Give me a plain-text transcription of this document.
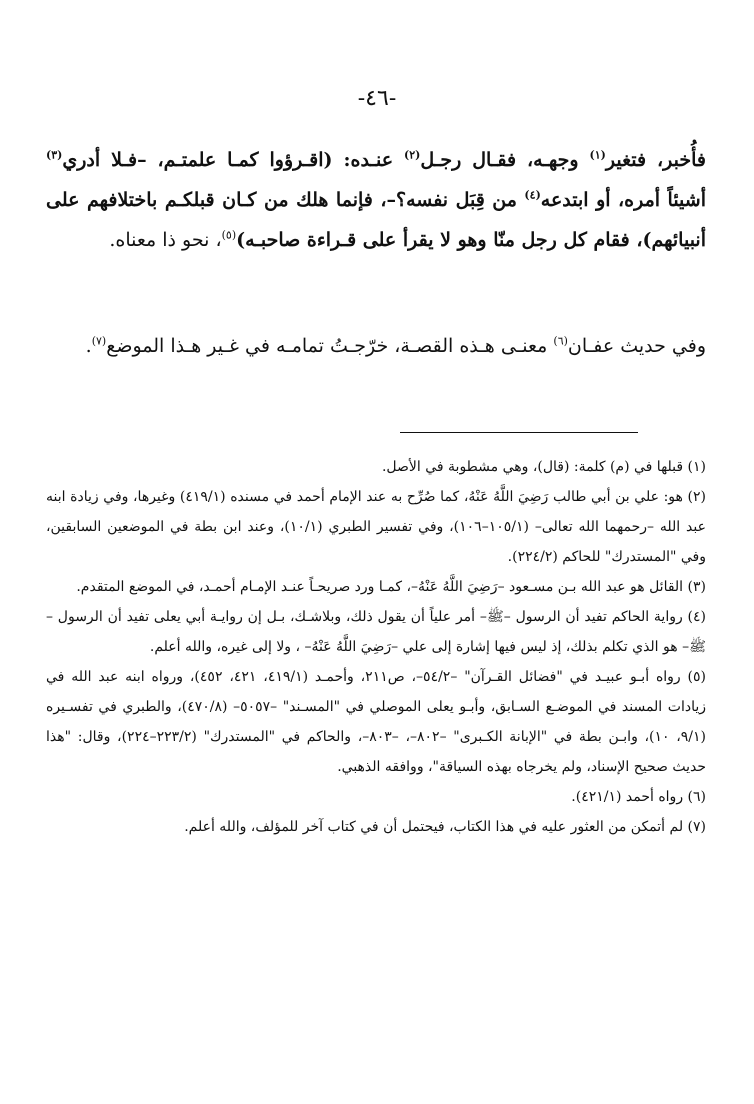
-٤٦-
فأُخبر، فتغير$^{(١)}$ وجهـه، فقـال رجـل$^{(٢)}$ عنـده: (اقـرؤوا كمـا علمتـم، –فـلا أدري$^{(٣)}$ أشيئاً أمره، أو ابتدعه$^{(٤)}$ من قِبَل نفسه؟–، فإنما هلك من كـان قبلكـم باختلافهم على أنبيائهم)، فقام كل رجل منّا وهو لا يقرأ على قـراءة صاحبـه)$^{(٥)}$، نحو ذا معناه.
وفي حديث عفـان$^{(٦)}$ معنـى هـذه القصـة، خرّجـتُ تمامـه في غـير هـذا الموضع$^{(٧)}$.

(١) قبلها في (م) كلمة: (قال)، وهي مشطوبة في الأصل.

(٢) هو: علي بن أبي طالب رَضِيَ اللَّهُ عَنْهُ، كما صُرِّح به عند الإمام أحمد في مسنده (٤١٩/١) وغيرها، وفي زيادة ابنه عبد الله –رحمهما الله تعالى– (١٠٥/١–١٠٦)، وفي تفسير الطبري (١٠/١)، وعند ابن بطة في الموضعين السابقين، وفي "المستدرك" للحاكم (٢٢٤/٢).

(٣) القائل هو عبد الله بـن مسـعود –رَضِيَ اللَّهُ عَنْهُ–، كمـا ورد صريحـاً عنـد الإمـام أحمـد، في الموضع المتقدم.

(٤) رواية الحاكم تفيد أن الرسول –ﷺ– أمر علياً أن يقول ذلك، وبلاشـك، بـل إن روايـة أبي يعلى تفيد أن الرسول –ﷺ– هو الذي تكلم بذلك، إذ ليس فيها إشارة إلى علي –رَضِيَ اللَّهُ عَنْهُ– ، ولا إلى غيره، والله أعلم.

(٥) رواه أبـو عبيـد في "فضائل القـرآن" –٥٤/٢–، ص٢١١، وأحمـد (٤١٩/١، ٤٢١، ٤٥٢)، ورواه ابنه عبد الله في زيادات المسند في الموضـع السـابق، وأبـو يعلى الموصلي في "المسـند" –٥٠٥٧– (٤٧٠/٨)، والطبري في تفسـيره (٩/١، ١٠)، وابـن بطة في "الإبانة الكـبرى" –٨٠٢–، –٨٠٣–، والحاكم في "المستدرك" (٢٢٣/٢–٢٢٤)، وقال: "هذا حديث صحيح الإسناد، ولم يخرجاه بهذه السياقة"، ووافقه الذهبي.

(٦) رواه أحمد (٤٢١/١).

(٧) لم أتمكن من العثور عليه في هذا الكتاب، فيحتمل أن في كتاب آخر للمؤلف، والله أعلم.
